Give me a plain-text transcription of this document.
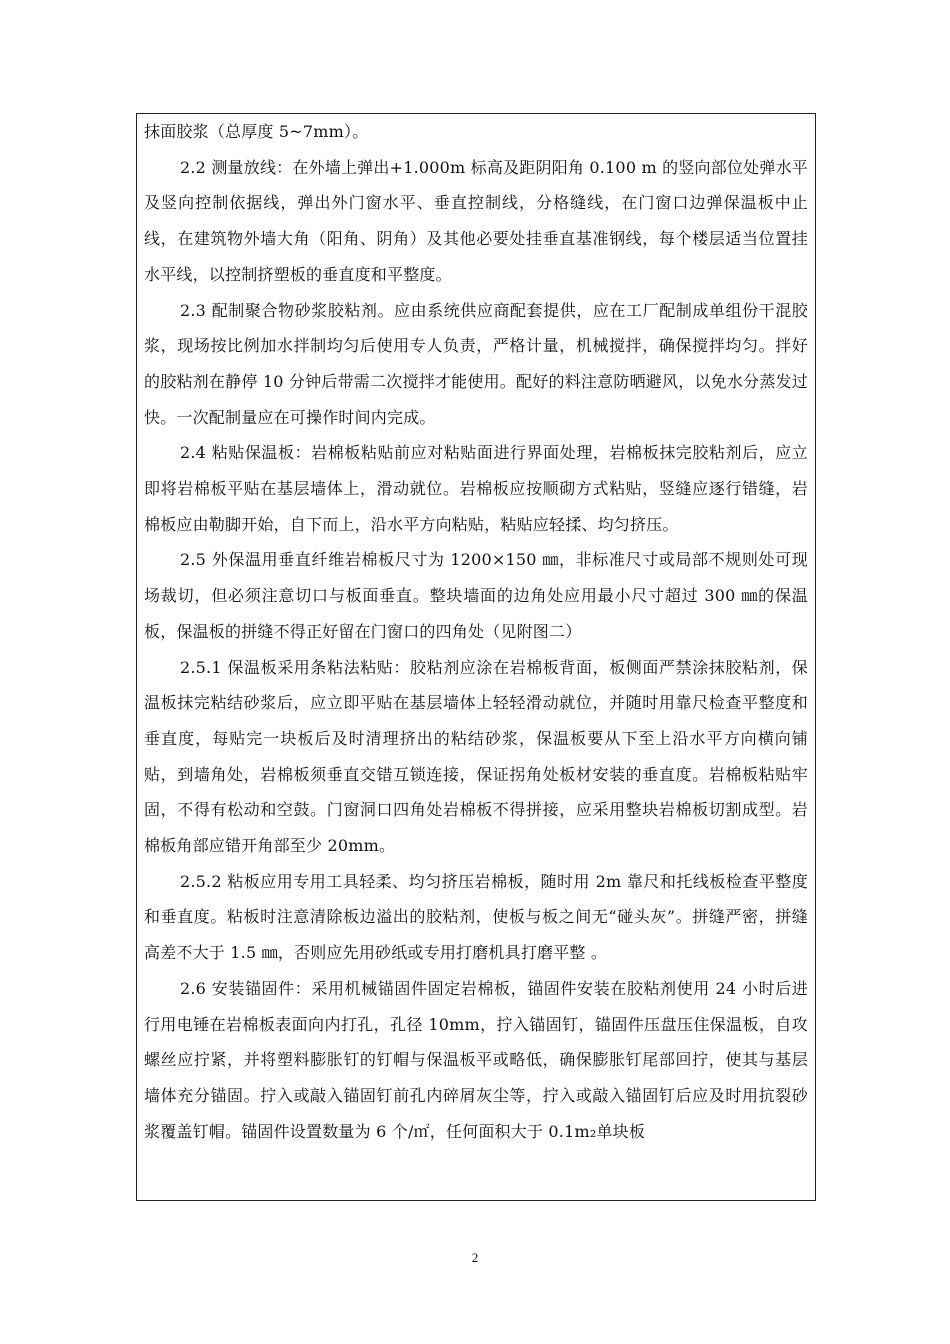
抹面胶浆（总厚度 5~7mm）。

2.2 测量放线：在外墙上弹出+1.000m 标高及距阴阳角 0.100 m 的竖向部位处弹水平及竖向控制依据线，弹出外门窗水平、垂直控制线，分格缝线，在门窗口边弹保温板中止线，在建筑物外墙大角（阳角、阴角）及其他必要处挂垂直基准钢线，每个楼层适当位置挂水平线，以控制挤塑板的垂直度和平整度。

2.3 配制聚合物砂浆胶粘剂。应由系统供应商配套提供，应在工厂配制成单组份干混胶浆，现场按比例加水拌制均匀后使用专人负责，严格计量，机械搅拌，确保搅拌均匀。拌好的胶粘剂在静停 10 分钟后带需二次搅拌才能使用。配好的料注意防晒避风，以免水分蒸发过快。一次配制量应在可操作时间内完成。

2.4 粘贴保温板：岩棉板粘贴前应对粘贴面进行界面处理，岩棉板抹完胶粘剂后，应立即将岩棉板平贴在基层墙体上，滑动就位。岩棉板应按顺砌方式粘贴，竖缝应逐行错缝，岩棉板应由勒脚开始，自下而上，沿水平方向粘贴，粘贴应轻揉、均匀挤压。

2.5 外保温用垂直纤维岩棉板尺寸为 1200×150 ㎜，非标准尺寸或局部不规则处可现场裁切，但必须注意切口与板面垂直。整块墙面的边角处应用最小尺寸超过 300 ㎜的保温板，保温板的拼缝不得正好留在门窗口的四角处（见附图二）

2.5.1 保温板采用条粘法粘贴：胶粘剂应涂在岩棉板背面，板侧面严禁涂抹胶粘剂，保温板抹完粘结砂浆后，应立即平贴在基层墙体上轻轻滑动就位，并随时用靠尺检查平整度和垂直度，每贴完一块板后及时清理挤出的粘结砂浆，保温板要从下至上沿水平方向横向铺贴，到墙角处，岩棉板须垂直交错互锁连接，保证拐角处板材安装的垂直度。岩棉板粘贴牢固，不得有松动和空鼓。门窗洞口四角处岩棉板不得拼接，应采用整块岩棉板切割成型。岩棉板角部应错开角部至少 20mm。

2.5.2 粘板应用专用工具轻柔、均匀挤压岩棉板，随时用 2m 靠尺和托线板检查平整度和垂直度。粘板时注意清除板边溢出的胶粘剂，使板与板之间无“碰头灰”。拼缝严密，拼缝高差不大于 1.5 ㎜，否则应先用砂纸或专用打磨机具打磨平整 。

2.6 安装锚固件：采用机械锚固件固定岩棉板，锚固件安装在胶粘剂使用 24 小时后进行用电锤在岩棉板表面向内打孔，孔径 10mm，拧入锚固钉，锚固件压盘压住保温板，自攻螺丝应拧紧，并将塑料膨胀钉的钉帽与保温板平或略低，确保膨胀钉尾部回拧，使其与基层墙体充分锚固。拧入或敲入锚固钉前孔内碎屑灰尘等，拧入或敲入锚固钉后应及时用抗裂砂浆覆盖钉帽。锚固件设置数量为 6 个/㎡，任何面积大于 0.1m₂单块板

2
